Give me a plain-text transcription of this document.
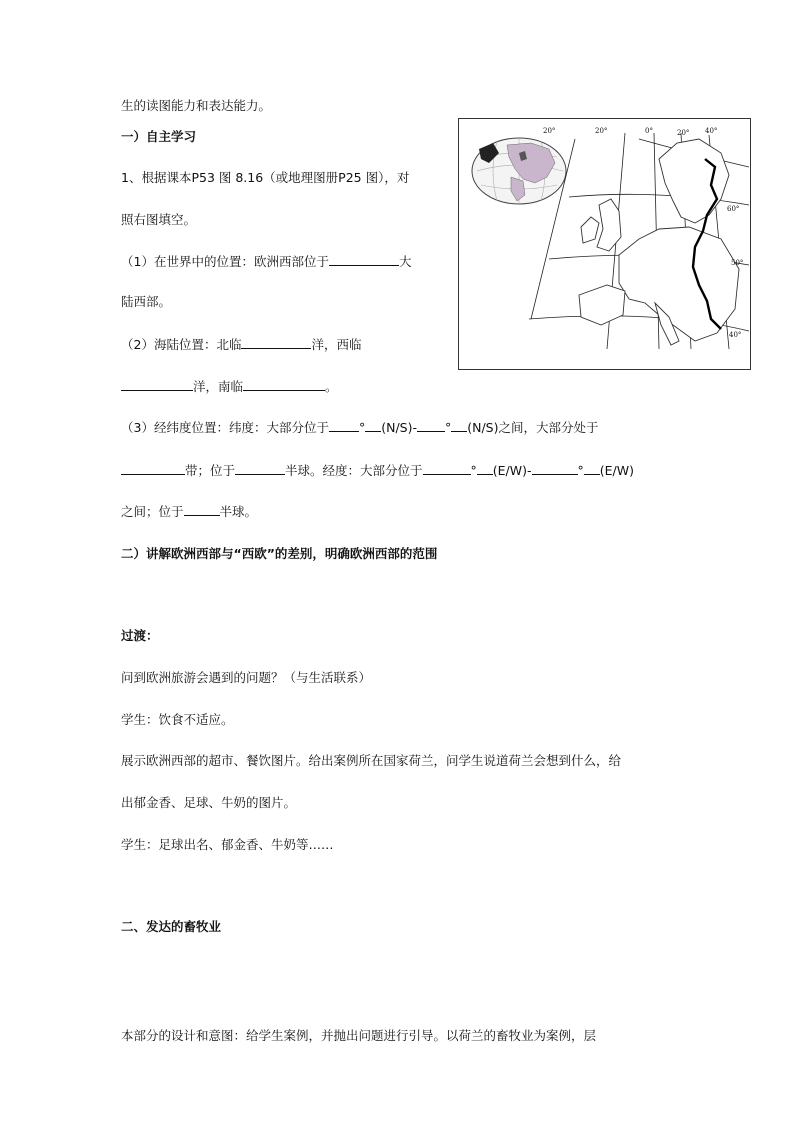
生的读图能力和表达能力。
一）自主学习
1、根据课本P53 图 8.16（或地理图册P25 图），对
照右图填空。
（1）在世界中的位置：欧洲西部位于	大
陆西部。
（2）海陆位置：北临	洋，西临
洋，南临	。
（3）经纬度位置：纬度：大部分位于 ° (N/S)- ° (N/S)之间，大部分处于
带；位于	半球。经度：大部分位于	° (E/W)-	° (E/W)
之间；位于	半球。
二）讲解欧洲西部与“西欧”的差别，明确欧洲西部的范围
过渡：
问到欧洲旅游会遇到的问题？（与生活联系）
学生：饮食不适应。
展示欧洲西部的超市、餐饮图片。给出案例所在国家荷兰，问学生说道荷兰会想到什么，给
出郁金香、足球、牛奶的图片。
学生：足球出名、郁金香、牛奶等……
二、发达的畜牧业
本部分的设计和意图：给学生案例，并抛出问题进行引导。以荷兰的畜牧业为案例，层
20°	20°	0°	20° 40°
60°
50°
40°
